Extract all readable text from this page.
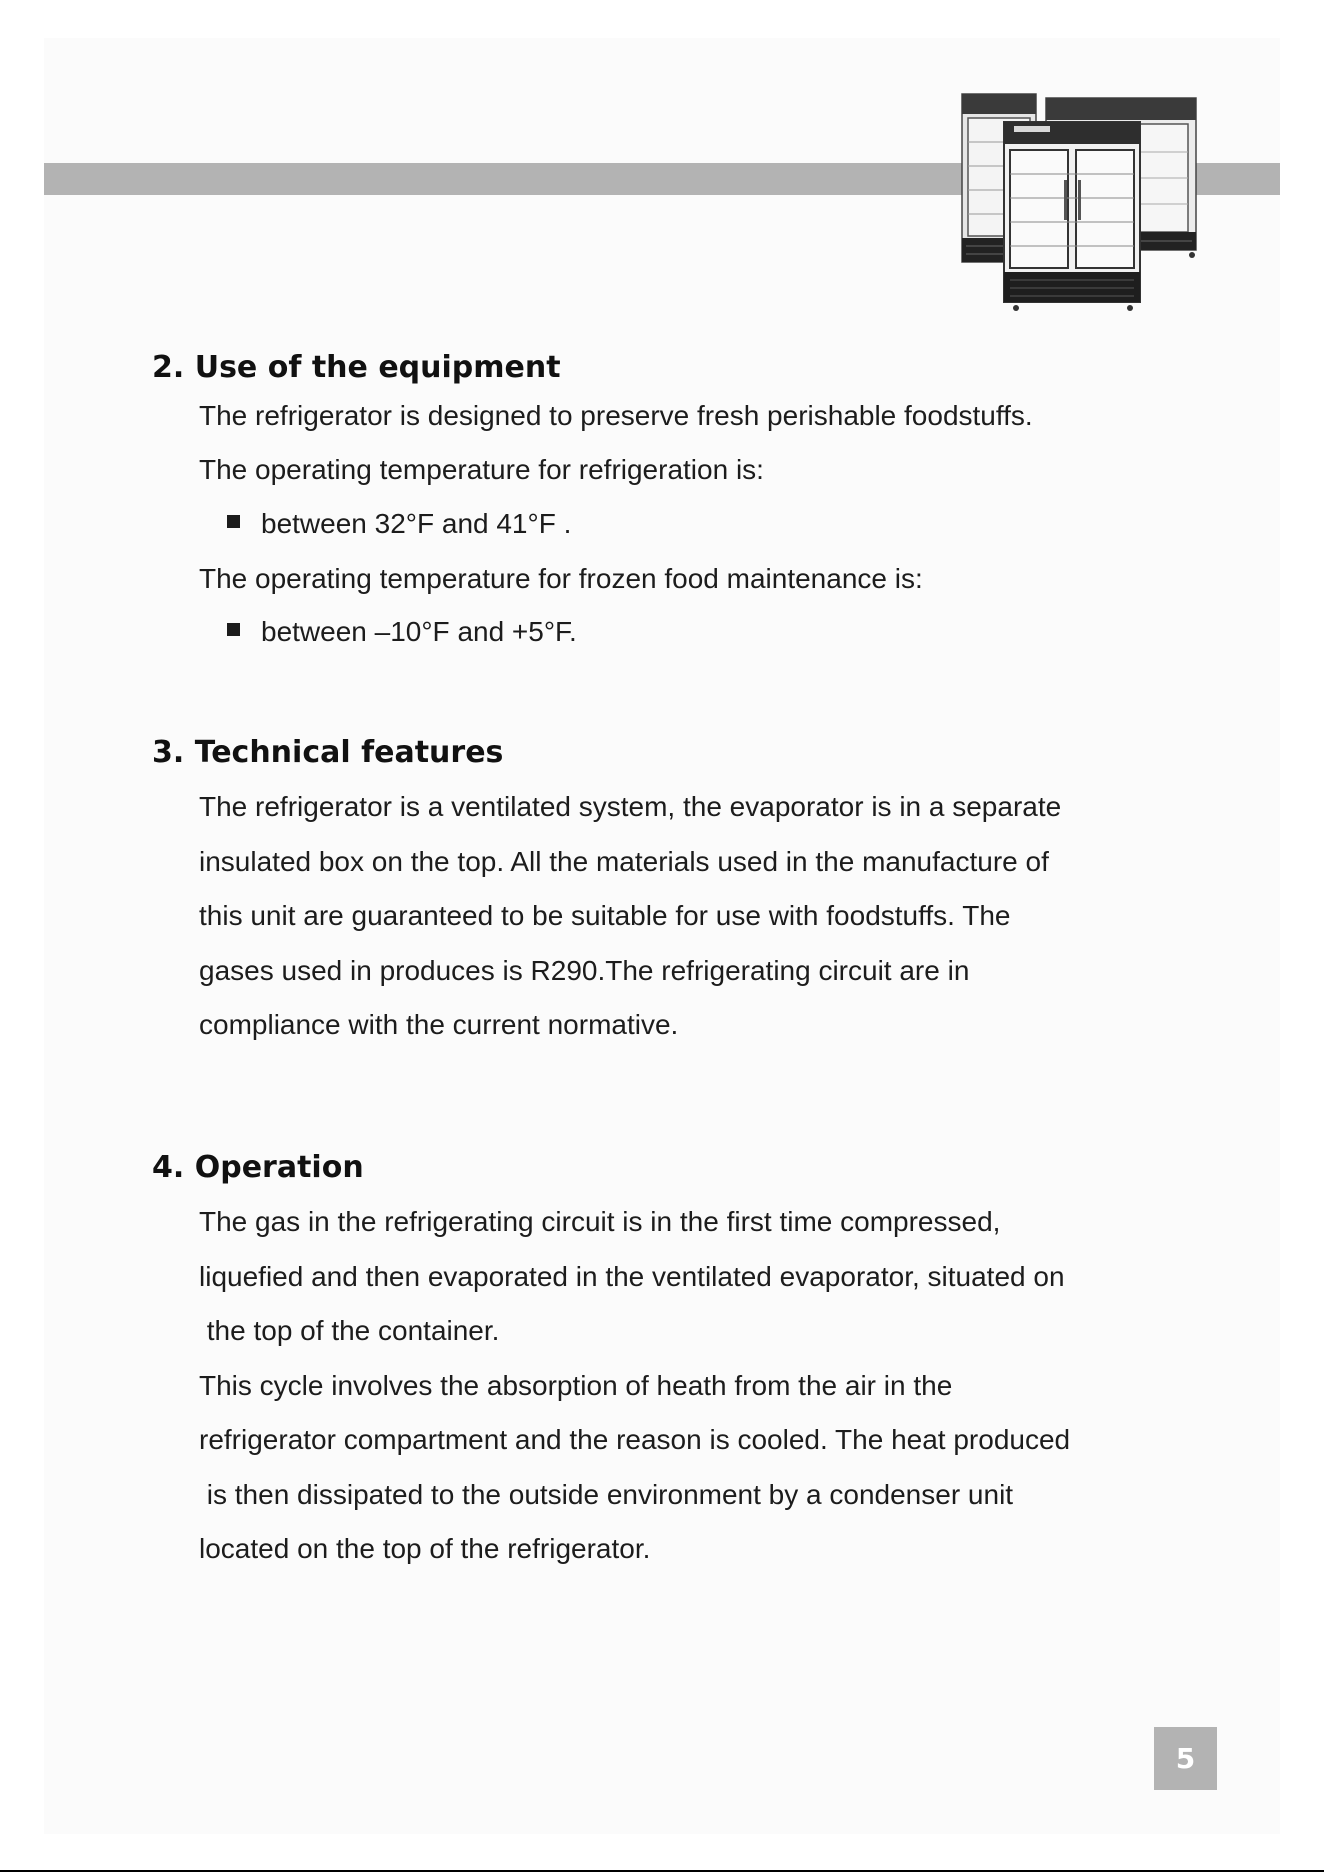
2. Use of the equipment

The refrigerator is designed to preserve fresh perishable foodstuffs.

The operating temperature for refrigeration is:

between 32°F and 41°F .

The operating temperature for frozen food maintenance is:

between –10°F and +5°F.
3. Technical features

The refrigerator is a ventilated system, the evaporator is in a separate
insulated box on the top. All the materials used in the manufacture of
this unit are guaranteed to be suitable for use with foodstuffs. The
gases used in produces is R290.The refrigerating circuit are in
compliance with the current normative.

4. Operation

The gas in the refrigerating circuit is in the first time compressed,
liquefied and then evaporated in the ventilated evaporator, situated on
the top of the container.
This cycle involves the absorption of heath from the air in the
refrigerator compartment and the reason is cooled. The heat produced
is then dissipated to the outside environment by a condenser unit
located on the top of the refrigerator.

5
